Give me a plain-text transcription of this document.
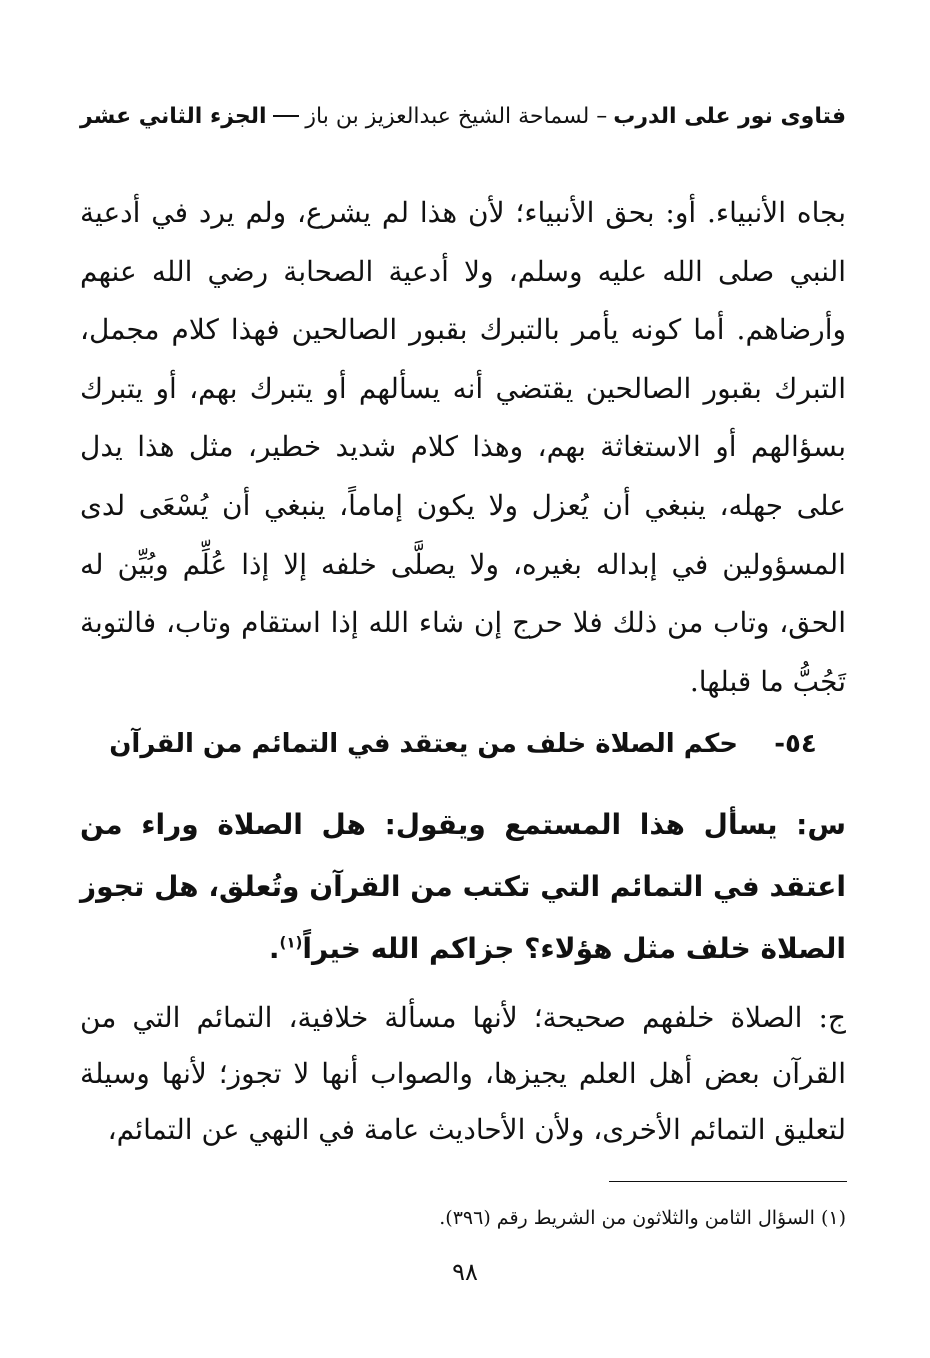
فتاوى نور على الدرب
– لسماحة الشيخ عبدالعزيز بن باز
الجزء الثاني عشر

بجاه الأنبياء. أو: بحق الأنبياء؛ لأن هذا لم يشرع، ولم يرد في أدعية النبي صلى الله عليه وسلم، ولا أدعية الصحابة رضي الله عنهم وأرضاهم. أما كونه يأمر بالتبرك بقبور الصالحين فهذا كلام مجمل، التبرك بقبور الصالحين يقتضي أنه يسألهم أو يتبرك بهم، أو يتبرك بسؤالهم أو الاستغاثة بهم، وهذا كلام شديد خطير، مثل هذا يدل على جهله، ينبغي أن يُعزل ولا يكون إماماً، ينبغي أن يُسْعَى لدى المسؤولين في إبداله بغيره، ولا يصلَّى خلفه إلا إذا عُلِّم وبُيِّن له الحق، وتاب من ذلك فلا حرج إن شاء الله إذا استقام وتاب، فالتوبة تَجُبُّ ما قبلها.

٥٤-    حكم الصلاة خلف من يعتقد في التمائم من القرآن
س: يسأل هذا المستمع ويقول: هل الصلاة وراء من اعتقد في التمائم التي تكتب من القرآن وتُعلق، هل تجوز الصلاة خلف مثل هؤلاء؟ جزاكم الله خيراً$^{(١)}$.
ج: الصلاة خلفهم صحيحة؛ لأنها مسألة خلافية، التمائم التي من القرآن بعض أهل العلم يجيزها، والصواب أنها لا تجوز؛ لأنها وسيلة لتعليق التمائم الأخرى، ولأن الأحاديث عامة في النهي عن التمائم،
(١) السؤال الثامن والثلاثون من الشريط رقم (٣٩٦).
٩٨
